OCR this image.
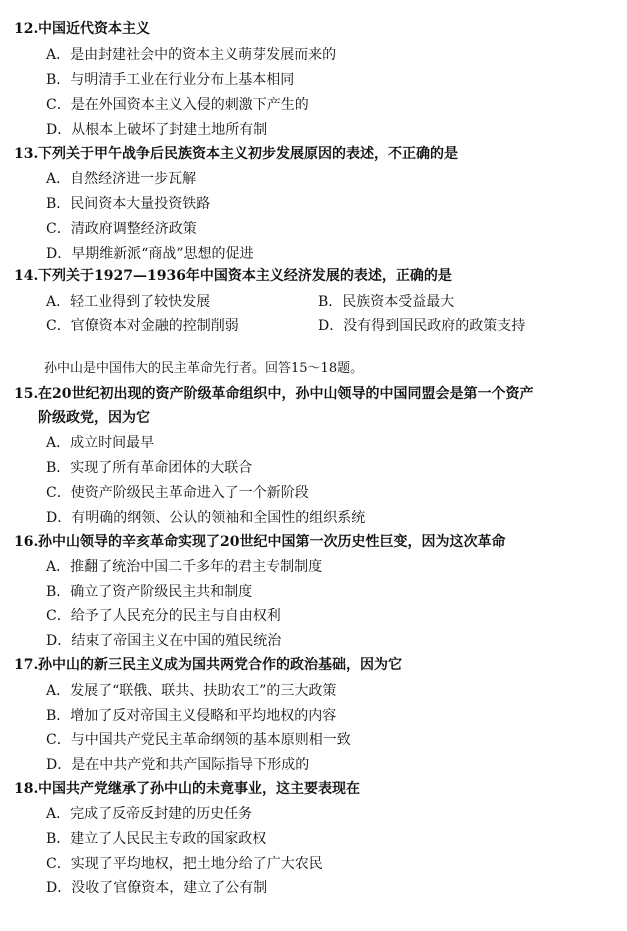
12.中国近代资本主义
A．是由封建社会中的资本主义萌芽发展而来的
B．与明清手工业在行业分布上基本相同
C．是在外国资本主义入侵的刺激下产生的
D．从根本上破坏了封建土地所有制
13.下列关于甲午战争后民族资本主义初步发展原因的表述，不正确的是
A．自然经济进一步瓦解
B．民间资本大量投资铁路
C．清政府调整经济政策
D．早期维新派“商战”思想的促进
14.下列关于1927—1936年中国资本主义经济发展的表述，正确的是
A．轻工业得到了较快发展	B．民族资本受益最大
C．官僚资本对金融的控制削弱	D．没有得到国民政府的政策支持
孙中山是中国伟大的民主革命先行者。回答15～18题。
15.在20世纪初出现的资产阶级革命组织中，孙中山领导的中国同盟会是第一个资产
阶级政党，因为它
A．成立时间最早
B．实现了所有革命团体的大联合
C．使资产阶级民主革命进入了一个新阶段
D．有明确的纲领、公认的领袖和全国性的组织系统
16.孙中山领导的辛亥革命实现了20世纪中国第一次历史性巨变，因为这次革命
A．推翻了统治中国二千多年的君主专制制度
B．确立了资产阶级民主共和制度
C．给予了人民充分的民主与自由权利
D．结束了帝国主义在中国的殖民统治
17.孙中山的新三民主义成为国共两党合作的政治基础，因为它
A．发展了“联俄、联共、扶助农工”的三大政策
B．增加了反对帝国主义侵略和平均地权的内容
C．与中国共产党民主革命纲领的基本原则相一致
D．是在中共产党和共产国际指导下形成的
18.中国共产党继承了孙中山的未竟事业，这主要表现在
A．完成了反帝反封建的历史任务
B．建立了人民民主专政的国家政权
C．实现了平均地权，把土地分给了广大农民
D．没收了官僚资本，建立了公有制
